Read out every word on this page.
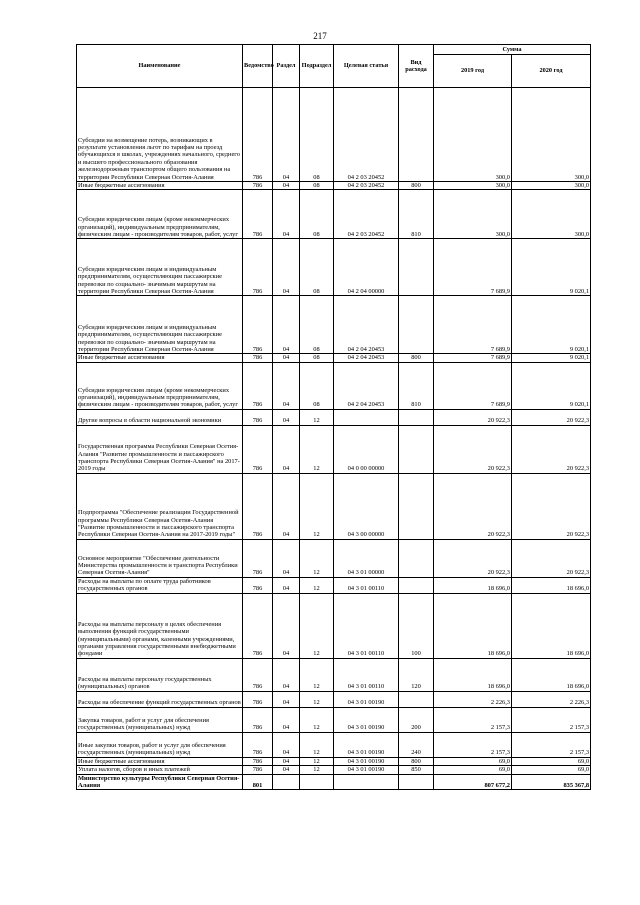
217
Наименование	Ведомство	Раздел	Подраздел	Целевая статья	Вид расхода	Сумма	
						2019 год	2020 год
Субсидии на возмещение потерь, возникающих в результате установления льгот по тарифам на проезд обучающихся в школах, учреждениях начального, среднего и высшего профессионального образования железнодорожным транспортом общего пользования на территории Республики Северная Осетия-Алания	786	04	08	04 2 03 20452		300,0	300,0
Иные бюджетные ассигнования	786	04	08	04 2 03 20452	800	300,0	300,0
Субсидии юридическим лицам (кроме некоммерческих организаций), индивидуальным предпринимателям, физическим лицам - производителям товаров, работ, услуг	786	04	08	04 2 03 20452	810	300,0	300,0
Субсидии юридическим лицам и индивидуальным предпринимателям, осуществляющим пассажирские перевозки по социально- значимым маршрутам на территории Республики Северная Осетия-Алания	786	04	08	04 2 04 00000		7 689,9	9 020,1
Субсидии юридическим лицам и индивидуальным предпринимателям, осуществляющим пассажирские перевозки по социально- значимым маршрутам на территории Республики Северная Осетия-Алания	786	04	08	04 2 04 20453		7 689,9	9 020,1
Иные бюджетные ассигнования	786	04	08	04 2 04 20453	800	7 689,9	9 020,1
Субсидии юридическим лицам (кроме некоммерческих организаций), индивидуальным предпринимателям, физическим лицам - производителям товаров, работ, услуг	786	04	08	04 2 04 20453	810	7 689,9	9 020,1
Другие вопросы в области национальной экономики	786	04	12			20 922,3	20 922,3
Государственная программа Республики Северная Осетия-Алания "Развитие промышленности и пассажирского транспорта Республики Северная Осетия-Алания" на 2017-2019 годы	786	04	12	04 0 00 00000		20 922,3	20 922,3
Подпрограмма "Обеспечение реализации Государственной программы Республики Северная Осетия-Алания "Развитие промышленности и пассажирского транспорта Республики Северная Осетия-Алания на 2017-2019 годы"	786	04	12	04 3 00 00000		20 922,3	20 922,3
Основное мероприятие "Обеспечение деятельности Министерства промышленности и транспорта Республики Северная Осетия-Алания"	786	04	12	04 3 01 00000		20 922,3	20 922,3
Расходы на выплаты по оплате труда работников государственных органов	786	04	12	04 3 01 00110		18 696,0	18 696,0
Расходы на выплаты персоналу в целях обеспечения выполнения функций государственными (муниципальными) органами, казенными учреждениями, органами управления государственными внебюджетными фондами	786	04	12	04 3 01 00110	100	18 696,0	18 696,0
Расходы на выплаты персоналу государственных (муниципальных) органов	786	04	12	04 3 01 00110	120	18 696,0	18 696,0
Расходы на обеспечение функций государственных органов	786	04	12	04 3 01 00190		2 226,3	2 226,3
Закупка товаров, работ и услуг для обеспечения государственных (муниципальных) нужд	786	04	12	04 3 01 00190	200	2 157,3	2 157,3
Иные закупки товаров, работ и услуг для обеспечения государственных (муниципальных) нужд	786	04	12	04 3 01 00190	240	2 157,3	2 157,3
Иные бюджетные ассигнования	786	04	12	04 3 01 00190	800	69,0	69,0
Уплата налогов, сборов и иных платежей	786	04	12	04 3 01 00190	850	69,0	69,0
Министерство культуры Республики Северная Осетия-Алания	801					807 677,2	835 367,8
